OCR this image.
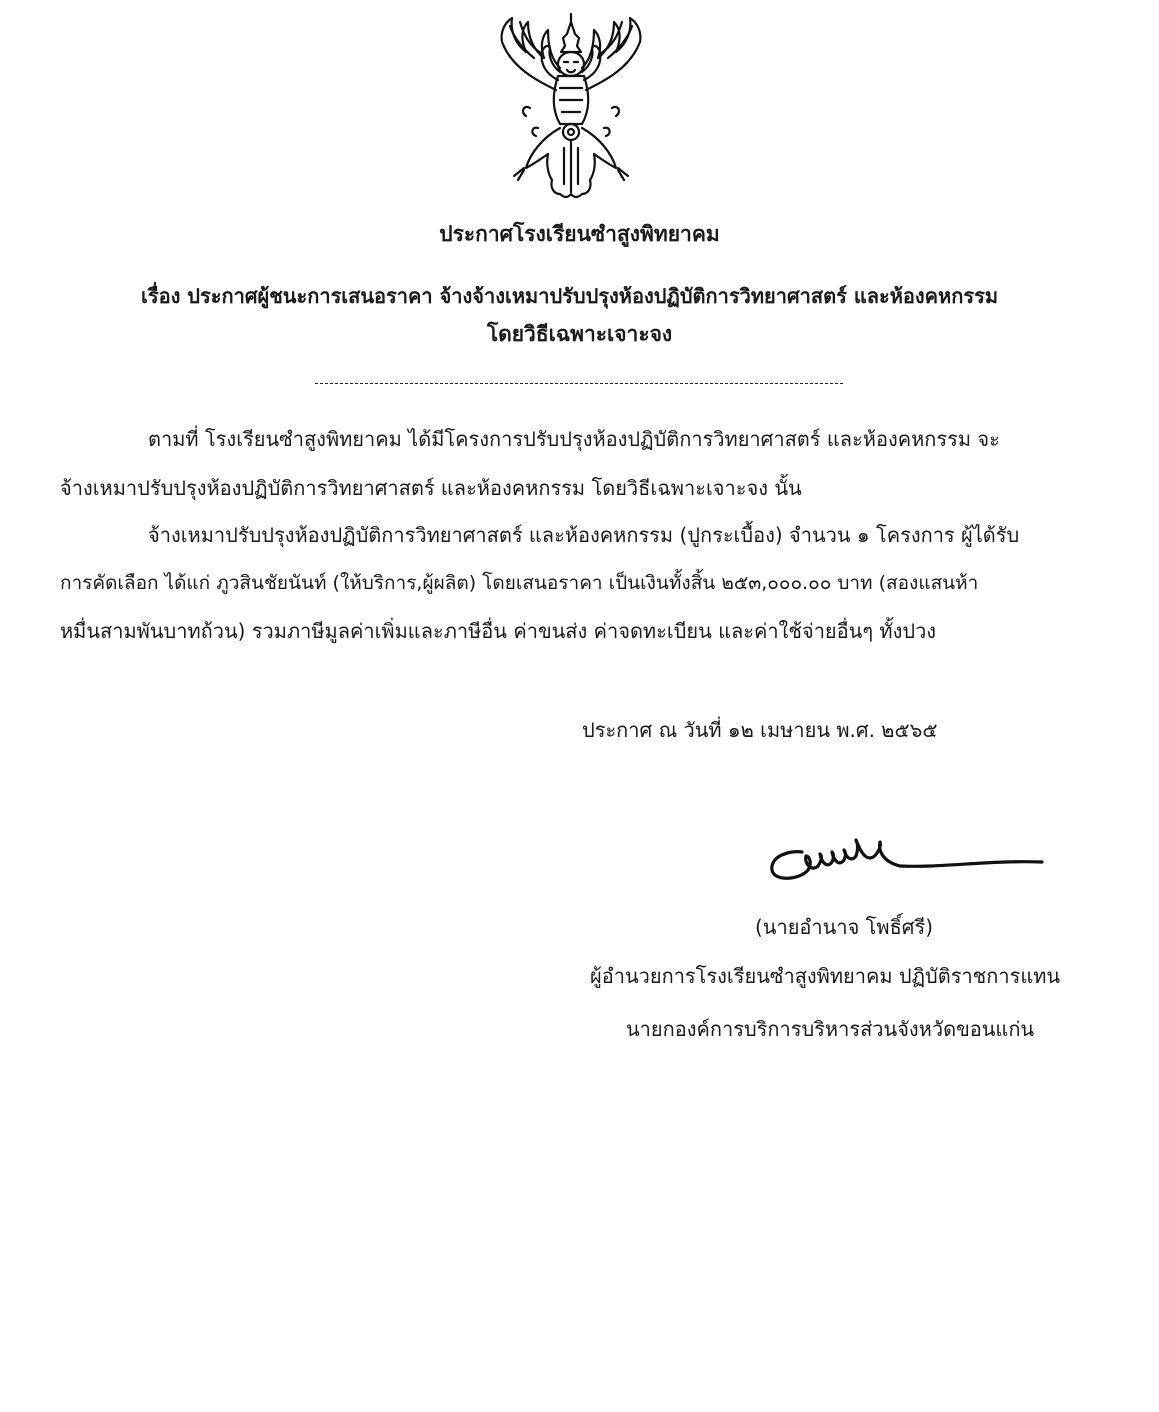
ประกาศโรงเรียนซำสูงพิทยาคม
เรื่อง ประกาศผู้ชนะการเสนอราคา จ้างจ้างเหมาปรับปรุงห้องปฏิบัติการวิทยาศาสตร์ และห้องคหกรรม
โดยวิธีเฉพาะเจาะจง
ตามที่ โรงเรียนซำสูงพิทยาคม ได้มีโครงการปรับปรุงห้องปฏิบัติการวิทยาศาสตร์ และห้องคหกรรม จะ
จ้างเหมาปรับปรุงห้องปฏิบัติการวิทยาศาสตร์ และห้องคหกรรม โดยวิธีเฉพาะเจาะจง นั้น
จ้างเหมาปรับปรุงห้องปฏิบัติการวิทยาศาสตร์ และห้องคหกรรม (ปูกระเบื้อง) จำนวน ๑ โครงการ ผู้ได้รับ
การคัดเลือก ได้แก่ ภูวสินชัยนันท์ (ให้บริการ,ผู้ผลิต) โดยเสนอราคา เป็นเงินทั้งสิ้น ๒๕๓,๐๐๐.๐๐ บาท (สองแสนห้า
หมื่นสามพันบาทถ้วน) รวมภาษีมูลค่าเพิ่มและภาษีอื่น ค่าขนส่ง ค่าจดทะเบียน และค่าใช้จ่ายอื่นๆ ทั้งปวง
ประกาศ ณ วันที่ ๑๒ เมษายน พ.ศ. ๒๕๖๕
(นายอำนาจ โพธิ์ศรี)
ผู้อำนวยการโรงเรียนซำสูงพิทยาคม ปฏิบัติราชการแทน
นายกองค์การบริการบริหารส่วนจังหวัดขอนแก่น
